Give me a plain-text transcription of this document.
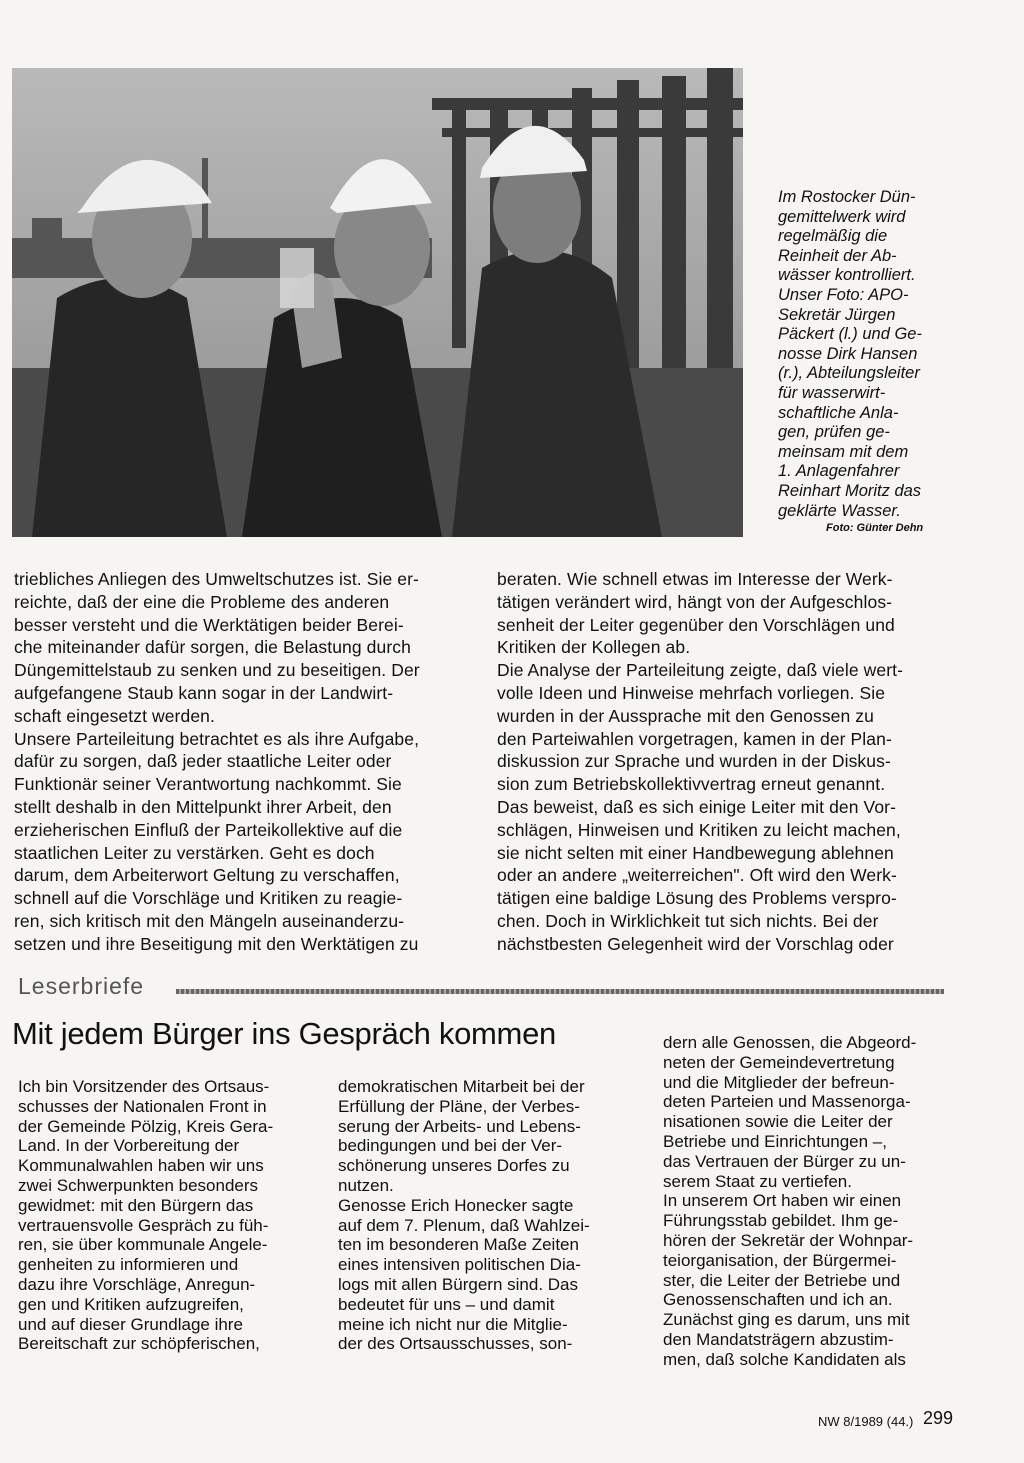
Im Rostocker Dün-
gemittelwerk wird
regelmäßig die
Reinheit der Ab-
wässer kontrolliert.
Unser Foto: APO-
Sekretär Jürgen
Päckert (l.) und Ge-
nosse Dirk Hansen
(r.), Abteilungsleiter
für wasserwirt-
schaftliche Anla-
gen, prüfen ge-
meinsam mit dem
1. Anlagenfahrer
Reinhart Moritz das
geklärte Wasser.

Foto: Günter Dehn

triebliches Anliegen des Umweltschutzes ist. Sie er-
reichte, daß der eine die Probleme des anderen
besser versteht und die Werktätigen beider Berei-
che miteinander dafür sorgen, die Belastung durch
Düngemittelstaub zu senken und zu beseitigen. Der
aufgefangene Staub kann sogar in der Landwirt-
schaft eingesetzt werden.
Unsere Parteileitung betrachtet es als ihre Aufgabe,
dafür zu sorgen, daß jeder staatliche Leiter oder
Funktionär seiner Verantwortung nachkommt. Sie
stellt deshalb in den Mittelpunkt ihrer Arbeit, den
erzieherischen Einfluß der Parteikollektive auf die
staatlichen Leiter zu verstärken. Geht es doch
darum, dem Arbeiterwort Geltung zu verschaffen,
schnell auf die Vorschläge und Kritiken zu reagie-
ren, sich kritisch mit den Mängeln auseinanderzu-
setzen und ihre Beseitigung mit den Werktätigen zu
beraten. Wie schnell etwas im Interesse der Werk-
tätigen verändert wird, hängt von der Aufgeschlos-
senheit der Leiter gegenüber den Vorschlägen und
Kritiken der Kollegen ab.
Die Analyse der Parteileitung zeigte, daß viele wert-
volle Ideen und Hinweise mehrfach vorliegen. Sie
wurden in der Aussprache mit den Genossen zu
den Parteiwahlen vorgetragen, kamen in der Plan-
diskussion zur Sprache und wurden in der Diskus-
sion zum Betriebskollektivvertrag erneut genannt.
Das beweist, daß es sich einige Leiter mit den Vor-
schlägen, Hinweisen und Kritiken zu leicht machen,
sie nicht selten mit einer Handbewegung ablehnen
oder an andere „weiterreichen". Oft wird den Werk-
tätigen eine baldige Lösung des Problems verspro-
chen. Doch in Wirklichkeit tut sich nichts. Bei der
nächstbesten Gelegenheit wird der Vorschlag oder
Leserbriefe
Mit jedem Bürger ins Gespräch kommen
Ich bin Vorsitzender des Ortsaus-
schusses der Nationalen Front in
der Gemeinde Pölzig, Kreis Gera-
Land. In der Vorbereitung der
Kommunalwahlen haben wir uns
zwei Schwerpunkten besonders
gewidmet: mit den Bürgern das
vertrauensvolle Gespräch zu füh-
ren, sie über kommunale Angele-
genheiten zu informieren und
dazu ihre Vorschläge, Anregun-
gen und Kritiken aufzugreifen,
und auf dieser Grundlage ihre
Bereitschaft zur schöpferischen,
demokratischen Mitarbeit bei der
Erfüllung der Pläne, der Verbes-
serung der Arbeits- und Lebens-
bedingungen und bei der Ver-
schönerung unseres Dorfes zu
nutzen.
Genosse Erich Honecker sagte
auf dem 7. Plenum, daß Wahlzei-
ten im besonderen Maße Zeiten
eines intensiven politischen Dia-
logs mit allen Bürgern sind. Das
bedeutet für uns – und damit
meine ich nicht nur die Mitglie-
der des Ortsausschusses, son-
dern alle Genossen, die Abgeord-
neten der Gemeindevertretung
und die Mitglieder der befreun-
deten Parteien und Massenorga-
nisationen sowie die Leiter der
Betriebe und Einrichtungen –,
das Vertrauen der Bürger zu un-
serem Staat zu vertiefen.
In unserem Ort haben wir einen
Führungsstab gebildet. Ihm ge-
hören der Sekretär der Wohnpar-
teiorganisation, der Bürgermei-
ster, die Leiter der Betriebe und
Genossenschaften und ich an.
Zunächst ging es darum, uns mit
den Mandatsträgern abzustim-
men, daß solche Kandidaten als
NW 8/1989 (44.) 299
